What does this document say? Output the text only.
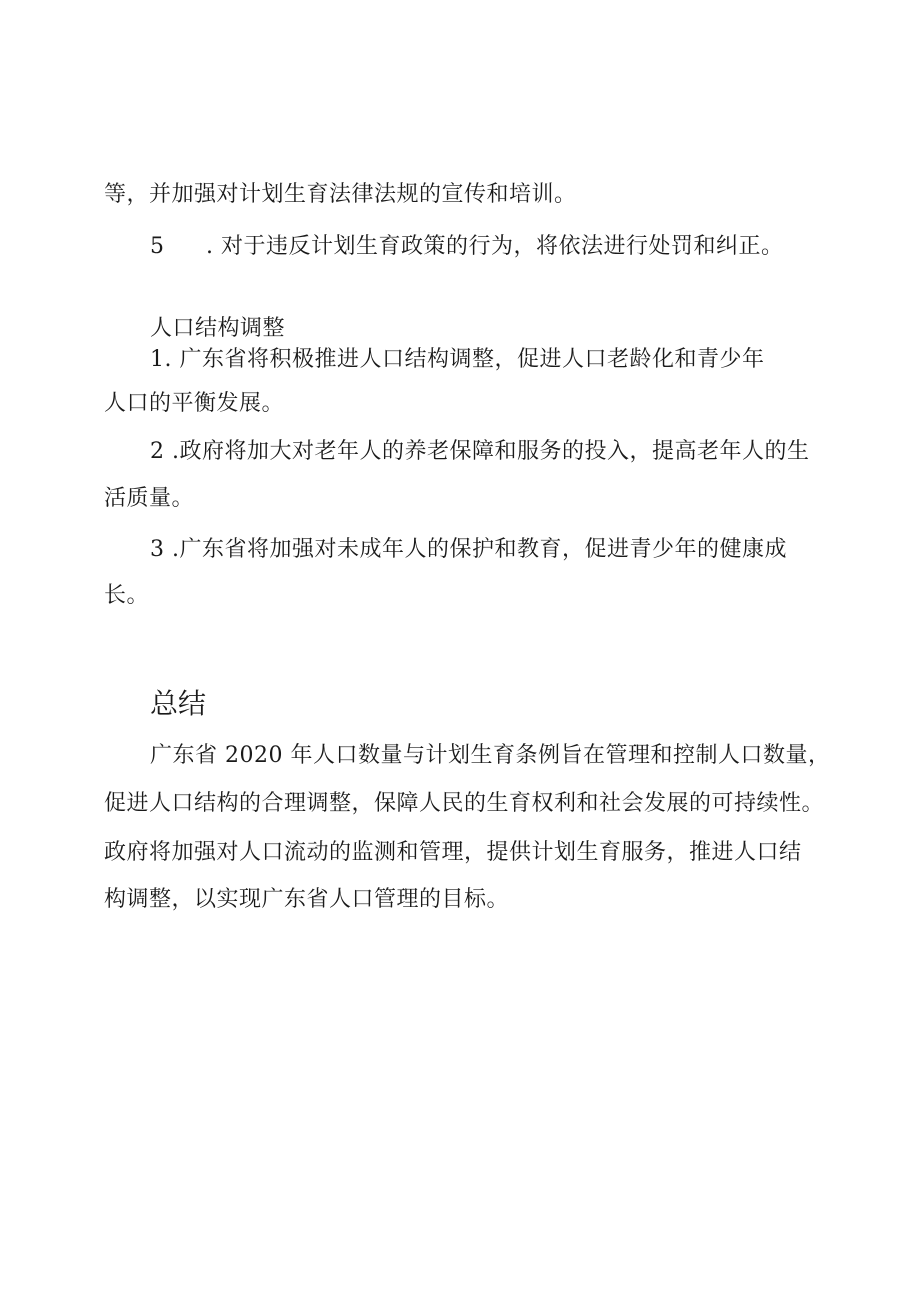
等，并加强对计划生育法律法规的宣传和培训。
5 . 对于违反计划生育政策的行为，将依法进行处罚和纠正。
人口结构调整
1. 广东省将积极推进人口结构调整，促进人口老龄化和青少年
人口的平衡发展。
2 .政府将加大对老年人的养老保障和服务的投入，提高老年人的生
活质量。
3 .广东省将加强对未成年人的保护和教育，促进青少年的健康成
长。
总结
广东省 2020 年人口数量与计划生育条例旨在管理和控制人口数量，
促进人口结构的合理调整，保障人民的生育权利和社会发展的可持续性。
政府将加强对人口流动的监测和管理，提供计划生育服务，推进人口结
构调整，以实现广东省人口管理的目标。
